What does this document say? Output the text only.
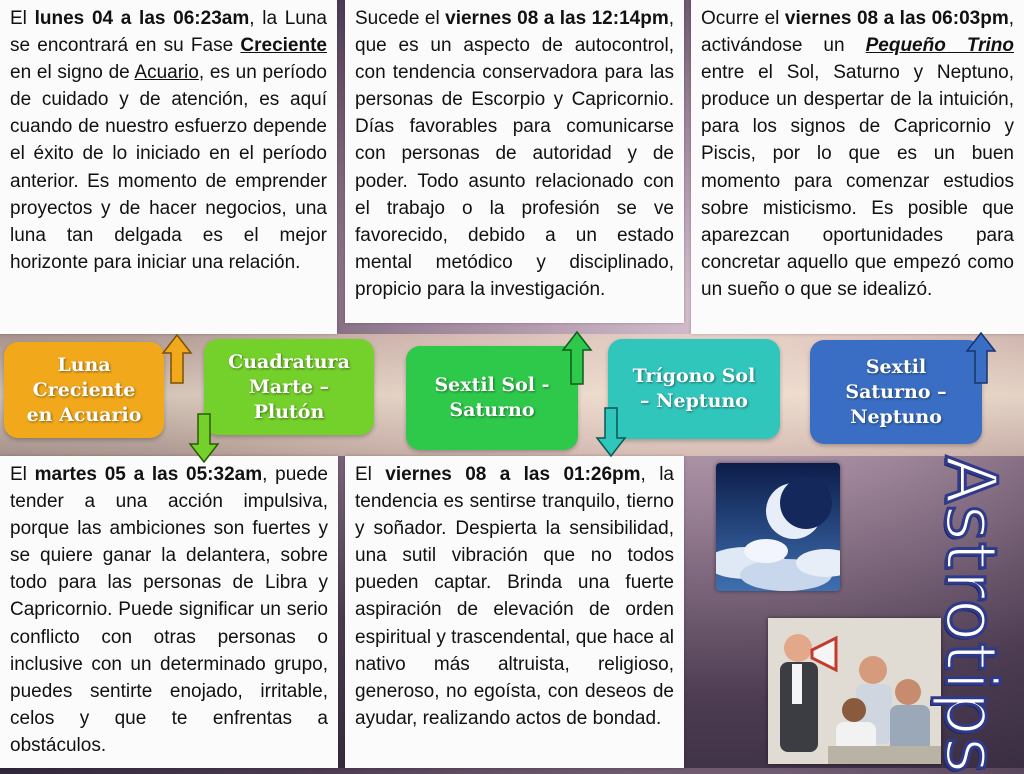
El lunes 04 a las 06:23am, la Luna se encontrará en su Fase Creciente en el signo de Acuario, es un período de cuidado y de atención, es aquí cuando de nuestro esfuerzo depende el éxito de lo iniciado en el período anterior. Es momento de emprender proyectos y de hacer negocios, una luna tan delgada es el mejor horizonte para iniciar una relación.
Sucede el viernes 08 a las 12:14pm, que es un aspecto de autocontrol, con tendencia conservadora para las personas de Escorpio y Capricornio. Días favorables para comunicarse con personas de autoridad y de poder. Todo asunto relacionado con el trabajo o la profesión se ve favorecido, debido a un estado mental metódico y disciplinado, propicio para la investigación.
Ocurre el viernes 08 a las 06:03pm, activándose un Pequeño Trino entre el Sol, Saturno y Neptuno, produce un despertar de la intuición, para los signos de Capricornio y Piscis, por lo que es un buen momento para comenzar estudios sobre misticismo. Es posible que aparezcan oportunidades para concretar aquello que empezó como un sueño o que se idealizó.
El martes 05 a las 05:32am, puede tender a una acción impulsiva, porque las ambiciones son fuertes y se quiere ganar la delantera, sobre todo para las personas de Libra y Capricornio. Puede significar un serio conflicto con otras personas o inclusive con un determinado grupo, puedes sentirte enojado, irritable, celos y que te enfrentas a obstáculos.
El viernes 08 a las 01:26pm, la tendencia es sentirse tranquilo, tierno y soñador. Despierta la sensibilidad, una sutil vibración que no todos pueden captar. Brinda una fuerte aspiración de elevación de orden espiritual y trascendental, que hace al nativo más altruista, religioso, generoso, no egoísta, con deseos de ayudar, realizando actos de bondad.
Luna
Creciente
en Acuario
Cuadratura
Marte –
Plutón
Sextil Sol -
Saturno
Trígono Sol
– Neptuno
Sextil
Saturno –
Neptuno
Astrotips
